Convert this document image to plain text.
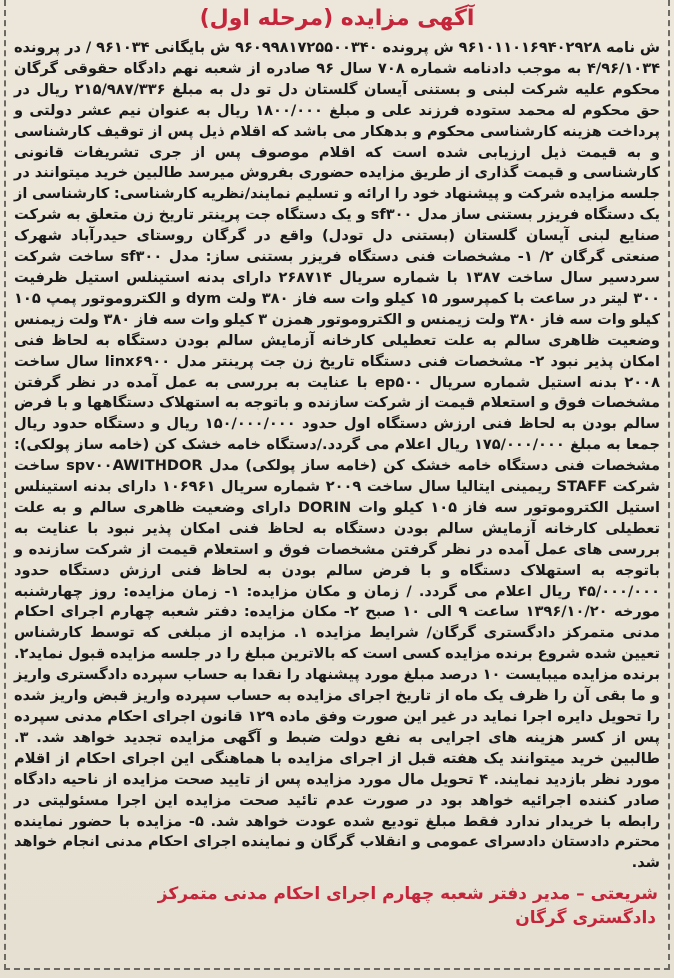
آگهی مزایده (مرحله اول)
ش نامه ۹۶۱۰۱۱۰۱۶۹۴۰۲۹۲۸ ش پرونده ۹۶۰۹۹۸۱۷۲۵۵۰۰۳۴۰ ش بایگانی ۹۶۱۰۳۴ / در پرونده ۴/۹۶/۱۰۳۴ به موجب دادنامه شماره ۷۰۸ سال ۹۶ صادره از شعبه نهم دادگاه حقوقی گرگان محکوم علیه شرکت لبنی و بستنی آیسان گلستان دل تو دل به مبلغ ۲۱۵/۹۸۷/۳۳۶ ریال در حق محکوم له محمد ستوده فرزند علی و مبلغ ۱۸۰۰/۰۰۰ ریال به عنوان نیم عشر دولتی و پرداخت هزینه کارشناسی محکوم و بدهکار می باشد که اقلام ذیل پس از توقیف کارشناسی و به قیمت ذیل ارزیابی شده است که اقلام موصوف پس از جری تشریفات قانونی کارشناسی و قیمت گذاری از طریق مزایده حضوری بفروش میرسد طالبین خرید میتوانند در جلسه مزایده شرکت و پیشنهاد خود را ارائه و تسلیم نمایند/نظریه کارشناسی: کارشناسی از یک دستگاه فریزر بستنی ساز مدل sf۳۰۰ و یک دستگاه جت پرینتر تاریخ زن متعلق به شرکت صنایع لبنی آیسان گلستان (بستنی دل تودل) واقع در گرگان روستای حیدرآباد شهرک صنعتی گرگان ۲/ ۱- مشخصات فنی دستگاه فریزر بستنی ساز: مدل sf۳۰۰ ساخت شرکت سردسیر سال ساخت ۱۳۸۷ با شماره سریال ۲۶۸۷۱۴ دارای بدنه استینلس استیل ظرفیت ۳۰۰ لیتر در ساعت با کمپرسور ۱۵ کیلو وات سه فاز ۳۸۰ ولت dym و الکتروموتور پمپ ۱۰۵ کیلو وات سه فاز ۳۸۰ ولت زیمنس و الکتروموتور همزن ۳ کیلو وات سه فاز ۳۸۰ ولت زیمنس وضعیت ظاهری سالم به علت تعطیلی کارخانه آزمایش سالم بودن دستگاه به لحاظ فنی امکان پذیر نبود ۲- مشخصات فنی دستگاه تاریخ زن جت پرینتر مدل linx۶۹۰۰ سال ساخت ۲۰۰۸ بدنه استیل شماره سریال ep۵۰۰ با عنایت به بررسی به عمل آمده در نظر گرفتن مشخصات فوق و استعلام قیمت از شرکت سازنده و باتوجه به استهلاک دستگاهها و با فرض سالم بودن به لحاظ فنی ارزش دستگاه اول حدود ۱۵۰/۰۰۰/۰۰۰ ریال و دستگاه حدود ریال جمعا به مبلغ ۱۷۵/۰۰۰/۰۰۰ ریال اعلام می گردد./دستگاه خامه خشک کن (خامه ساز پولکی): مشخصات فنی دستگاه خامه خشک کن (خامه ساز پولکی) مدل spv۰۰AWITHDOR ساخت شرکت STAFF ریمینی ایتالیا سال ساخت ۲۰۰۹ شماره سریال ۱۰۶۹۶۱ دارای بدنه استینلس استیل الکتروموتور سه فاز ۱۰۵ کیلو وات DORIN دارای وضعیت ظاهری سالم و به علت تعطیلی کارخانه آزمایش سالم بودن دستگاه به لحاظ فنی امکان پذیر نبود با عنایت به بررسی های عمل آمده در نظر گرفتن مشخصات فوق و استعلام قیمت از شرکت سازنده و باتوجه به استهلاک دستگاه و با فرض سالم بودن به لحاظ فنی ارزش دستگاه حدود ۴۵/۰۰۰/۰۰۰ ریال اعلام می گردد. / زمان و مکان مزایده: ۱- زمان مزایده: روز چهارشنبه مورخه ۱۳۹۶/۱۰/۲۰ ساعت ۹ الی ۱۰ صبح ۲- مکان مزایده: دفتر شعبه چهارم اجرای احکام مدنی متمرکز دادگستری گرگان/ شرایط مزایده ۱. مزایده از مبلغی که توسط کارشناس تعیین شده شروع برنده مزایده کسی است که بالاترین مبلغ را در جلسه مزایده قبول نماید۲. برنده مزایده میبایست ۱۰ درصد مبلغ مورد پیشنهاد را نقدا به حساب سپرده دادگستری واریز و ما بقی آن را ظرف یک ماه از تاریخ اجرای مزایده به حساب سپرده واریز قبض واریز شده را تحویل دایره اجرا نماید در غیر این صورت وفق ماده ۱۲۹ قانون اجرای احکام مدنی سپرده پس از کسر هزینه های اجرایی به نفع دولت ضبط و آگهی مزایده تجدید خواهد شد. ۳. طالبین خرید میتوانند یک هفته قبل از اجرای مزایده با هماهنگی این اجرای احکام از اقلام مورد نظر بازدید نمایند. ۴ تحویل مال مورد مزایده پس از تایید صحت مزایده از ناحیه دادگاه صادر کننده اجرائیه خواهد بود در صورت عدم تائید صحت مزایده این اجرا مسئولیتی در رابطه با خریدار ندارد فقط مبلغ تودیع شده عودت خواهد شد. ۵- مزایده با حضور نماینده محترم دادستان دادسرای عمومی و انقلاب گرگان و نماینده اجرای احکام مدنی انجام خواهد شد.
شریعتی – مدیر دفتر شعبه چهارم اجرای احکام مدنی متمرکز
دادگستری گرگان
